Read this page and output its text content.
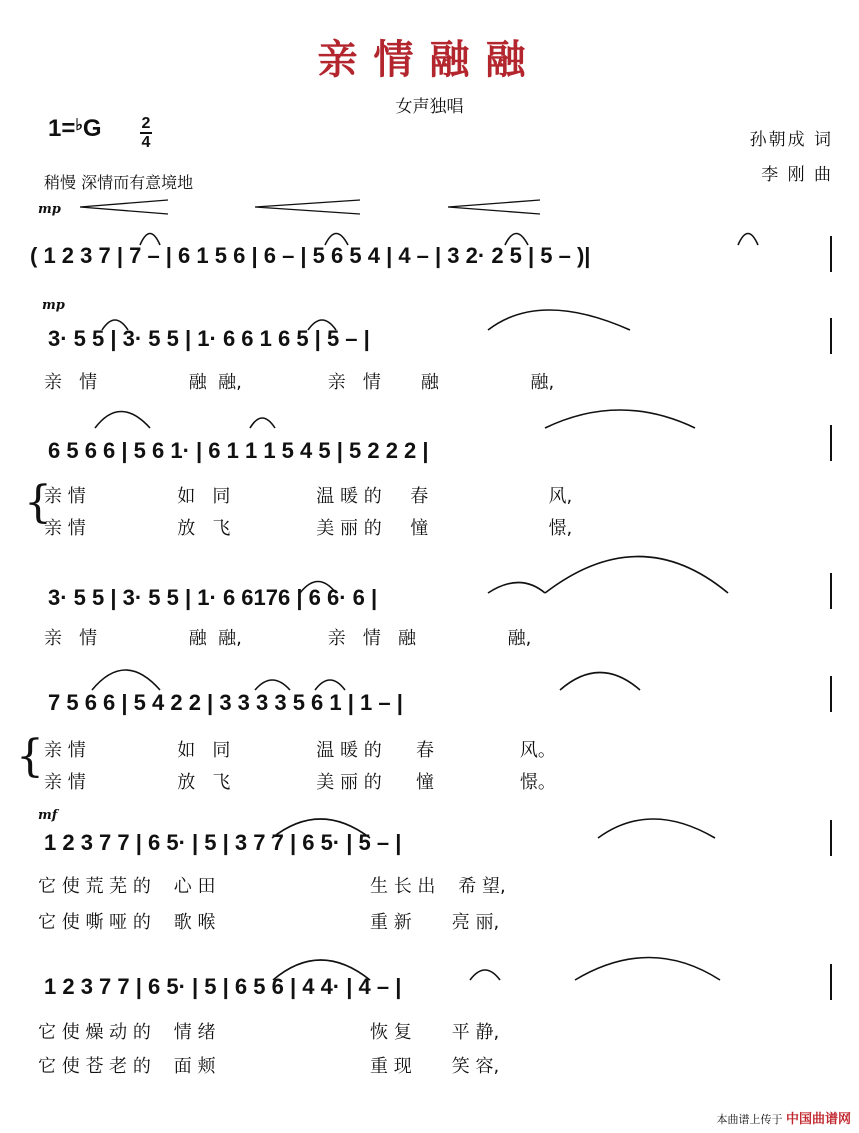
亲情融融
女声独唱
1=♭G 2
4	孙朝成 词
李 刚 曲
稍慢 深情而有意境地
mp
mp
mf
( 1 2 3 7 | 7 – | 6 1 5 6 | 6 – | 5 6 5 4 | 4 – | 3 2· 2 5 | 5 – )|
3· 5 5 | 3· 5 5 | 1· 6 6 1 6 5 | 5 – |
亲   情                融  融,               亲   情       融                融,
6 5 6 6 | 5 6 1· | 6 1 1 1 5 4 5 | 5 2 2 2 |
{
亲 情                如   同               温 暖 的     春                     风,
亲 情                放   飞               美 丽 的     憧                     憬,
3· 5 5 | 3· 5 5 | 1· 6 6176 | 6 6· 6 |
亲   情                融  融,               亲   情   融                融,
7 5 6 6 | 5 4 2 2 | 3 3 3 3 5 6 1 | 1 – |
{ 亲 情                如   同               温 暖 的      春               风。
亲 情                放   飞               美 丽 的      憧               憬。
1 2 3 7 7 | 6 5· | 5 | 3 7 7 | 6 5· | 5 – |
它 使 荒 芜 的    心 田                           生 长 出    希 望,
它 使 嘶 哑 的    歌 喉                           重 新       亮 丽,
1 2 3 7 7 | 6 5· | 5 | 6 5 6 | 4 4· | 4 – |
它 使 燥 动 的    情 绪                           恢 复       平 静,
它 使 苍 老 的    面 颊                           重 现       笑 容,
本曲谱上传于 中国曲谱网
